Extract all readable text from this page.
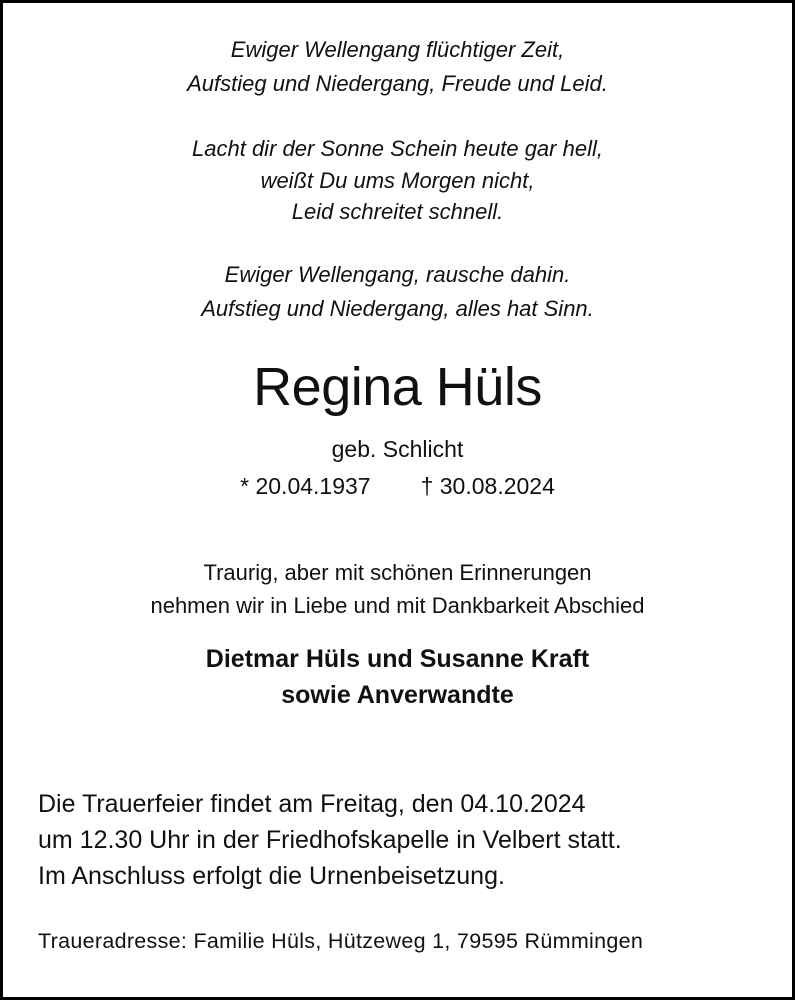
Ewiger Wellengang flüchtiger Zeit,
Aufstieg und Niedergang, Freude und Leid.
Lacht dir der Sonne Schein heute gar hell,
weißt Du ums Morgen nicht,
Leid schreitet schnell.
Ewiger Wellengang, rausche dahin.
Aufstieg und Niedergang, alles hat Sinn.
Regina Hüls
geb. Schlicht
* 20.04.1937 † 30.08.2024
Traurig, aber mit schönen Erinnerungen
nehmen wir in Liebe und mit Dankbarkeit Abschied
Dietmar Hüls und Susanne Kraft
sowie Anverwandte
Die Trauerfeier findet am Freitag, den 04.10.2024
um 12.30 Uhr in der Friedhofskapelle in Velbert statt.
Im Anschluss erfolgt die Urnenbeisetzung.
Traueradresse: Familie Hüls, Hützeweg 1, 79595 Rümmingen
